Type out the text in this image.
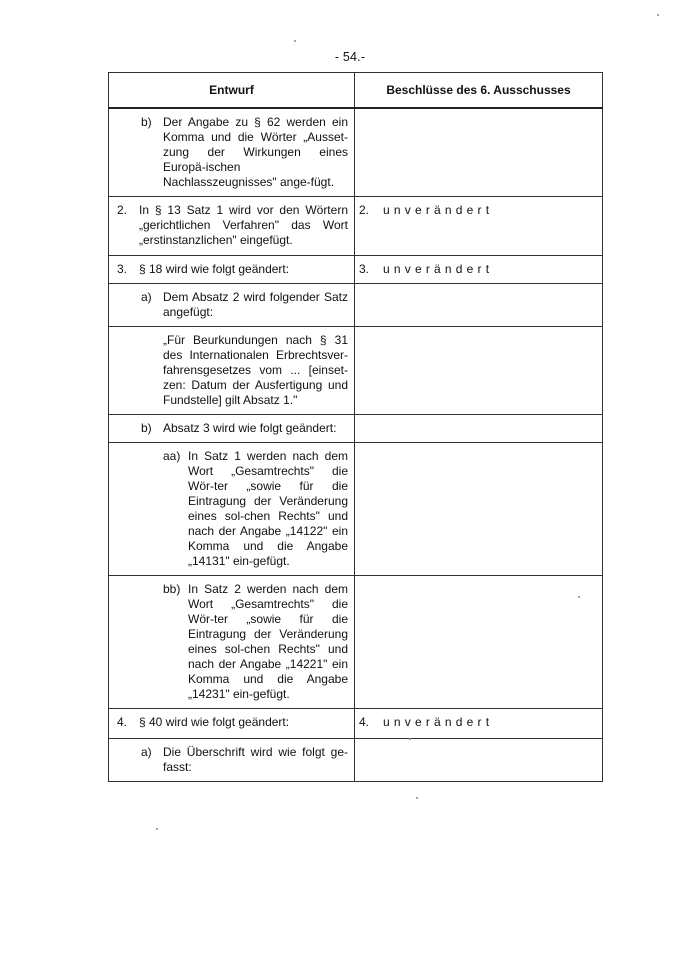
- 54.-
Entwurf	Beschlüsse des 6. Ausschusses

b) Der Angabe zu § 62 werden ein Komma und die Wörter „Ausset-zung der Wirkungen eines Europä-ischen Nachlasszeugnisses" ange-fügt.	

2. In § 13 Satz 1 wird vor den Wörtern „gerichtlichen Verfahren" das Wort „erstinstanzlichen" eingefügt.	2. unverändert

3. § 18 wird wie folgt geändert:	3. unverändert

a) Dem Absatz 2 wird folgender Satz angefügt:	

„Für Beurkundungen nach § 31 des Internationalen Erbrechtsver-fahrensgesetzes vom ... [einset-zen: Datum der Ausfertigung und Fundstelle] gilt Absatz 1."	

b) Absatz 3 wird wie folgt geändert:	

aa) In Satz 1 werden nach dem Wort „Gesamtrechts" die Wör-ter „sowie für die Eintragung der Veränderung eines sol-chen Rechts" und nach der Angabe „14122" ein Komma und die Angabe „14131" ein-gefügt.	

bb) In Satz 2 werden nach dem Wort „Gesamtrechts" die Wör-ter „sowie für die Eintragung der Veränderung eines sol-chen Rechts" und nach der Angabe „14221" ein Komma und die Angabe „14231" ein-gefügt.	

4. § 40 wird wie folgt geändert:	4. unverändert

a) Die Überschrift wird wie folgt ge-fasst:	
